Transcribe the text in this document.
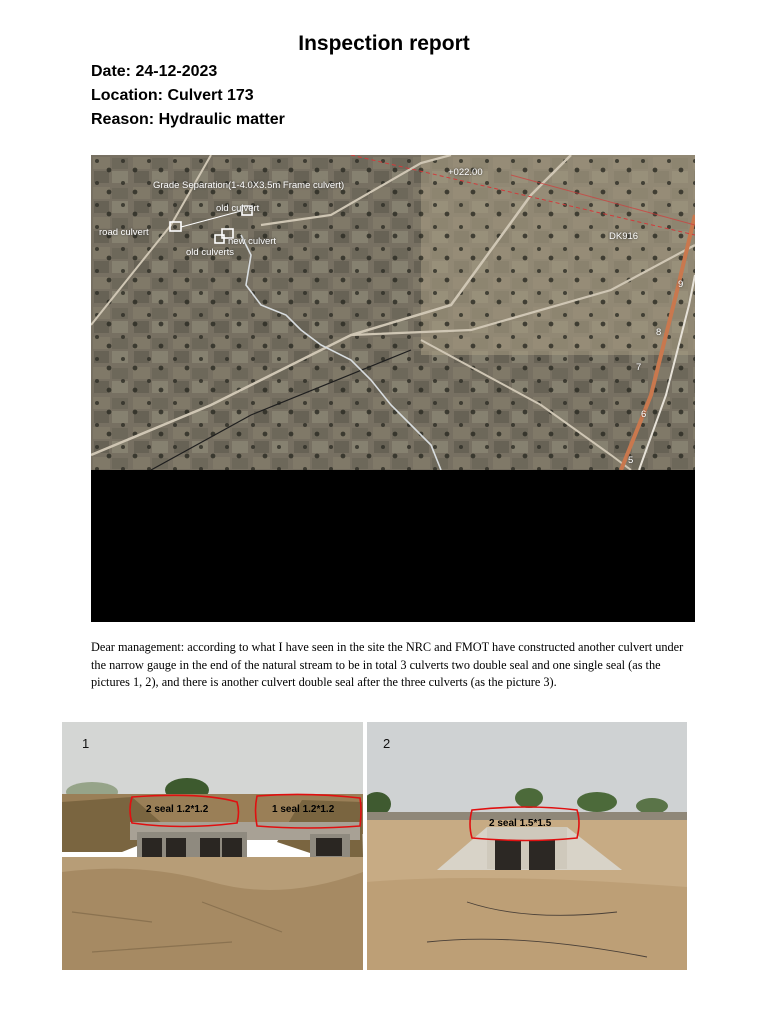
Inspection report
Date: 24-12-2023
Location: Culvert 173
Reason: Hydraulic matter
Grade Separation(1-4.0X3.5m Frame culvert)
+022.00
old culvert
road culvert
new culvert
old culverts
DK916
9
8
7
6
5
Dear management: according to what I have seen in the site the NRC and FMOT have constructed another culvert under the narrow gauge in the end of the natural stream to be in total 3 culverts two double seal and one single seal (as the pictures 1, 2), and there is another culvert double seal after the three culverts (as the picture 3).
1
2 seal 1.2*1.2	1 seal 1.2*1.2
2
2 seal 1.5*1.5
